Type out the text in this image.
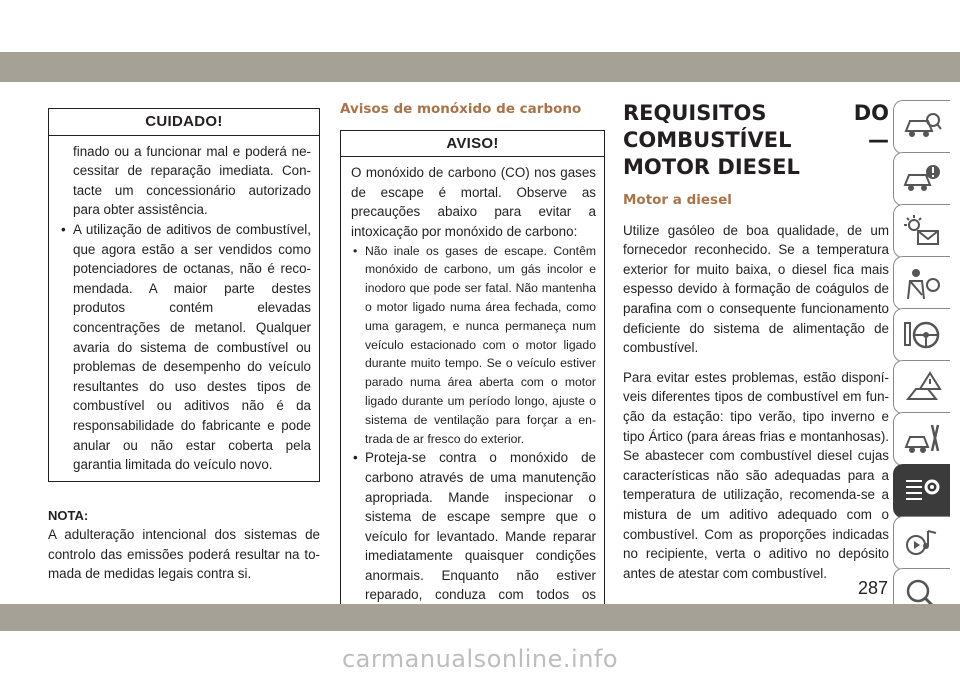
CUIDADO!
finado ou a funcionar mal e poderá necessitar de reparação imediata. Contacte um concessionário autorizado para obter assistência.
• A utilização de aditivos de combustível, que agora estão a ser vendidos como potenciadores de octanas, não é recomendada. A maior parte destes produtos contém elevadas concentrações de metanol. Qualquer avaria do sistema de combustível ou problemas de desempenho do veículo resultantes do uso destes tipos de combustível ou aditivos não é da responsabilidade do fabricante e pode anular ou não estar coberta pela garantia limitada do veículo novo.
NOTA:
A adulteração intencional dos sistemas de controlo das emissões poderá resultar na tomada de medidas legais contra si.
Avisos de monóxido de carbono
AVISO!
O monóxido de carbono (CO) nos gases de escape é mortal. Observe as precauções abaixo para evitar a intoxicação por monóxido de carbono:
• Não inale os gases de escape. Contêm monóxido de carbono, um gás incolor e inodoro que pode ser fatal. Não mantenha o motor ligado numa área fechada, como uma garagem, e nunca permaneça num veículo estacionado com o motor ligado durante muito tempo. Se o veículo estiver parado numa área aberta com o motor ligado durante um período longo, ajuste o sistema de ventilação para forçar a entrada de ar fresco do exterior.
• Proteja-se contra o monóxido de carbono através de uma manutenção apropriada. Mande inspecionar o sistema de escape sempre que o veículo for levantado. Mande reparar imediatamente quaisquer condições anormais. Enquanto não estiver reparado, conduza com todos os
REQUISITOS DO COMBUSTÍVEL — MOTOR DIESEL
Motor a diesel

Utilize gasóleo de boa qualidade, de um fornecedor reconhecido. Se a temperatura exterior for muito baixa, o diesel fica mais espesso devido à formação de coágulos de parafina com o consequente funcionamento deficiente do sistema de alimentação de combustível.

Para evitar estes problemas, estão disponíveis diferentes tipos de combustível em função da estação: tipo verão, tipo inverno e tipo Ártico (para áreas frias e montanhosas). Se abastecer com combustível diesel cujas características não são adequadas para a temperatura de utilização, recomenda-se a mistura de um aditivo adequado com o combustível. Com as proporções indicadas no recipiente, verta o aditivo no depósito antes de atestar com combustível.

287
carmanualsonline.info
